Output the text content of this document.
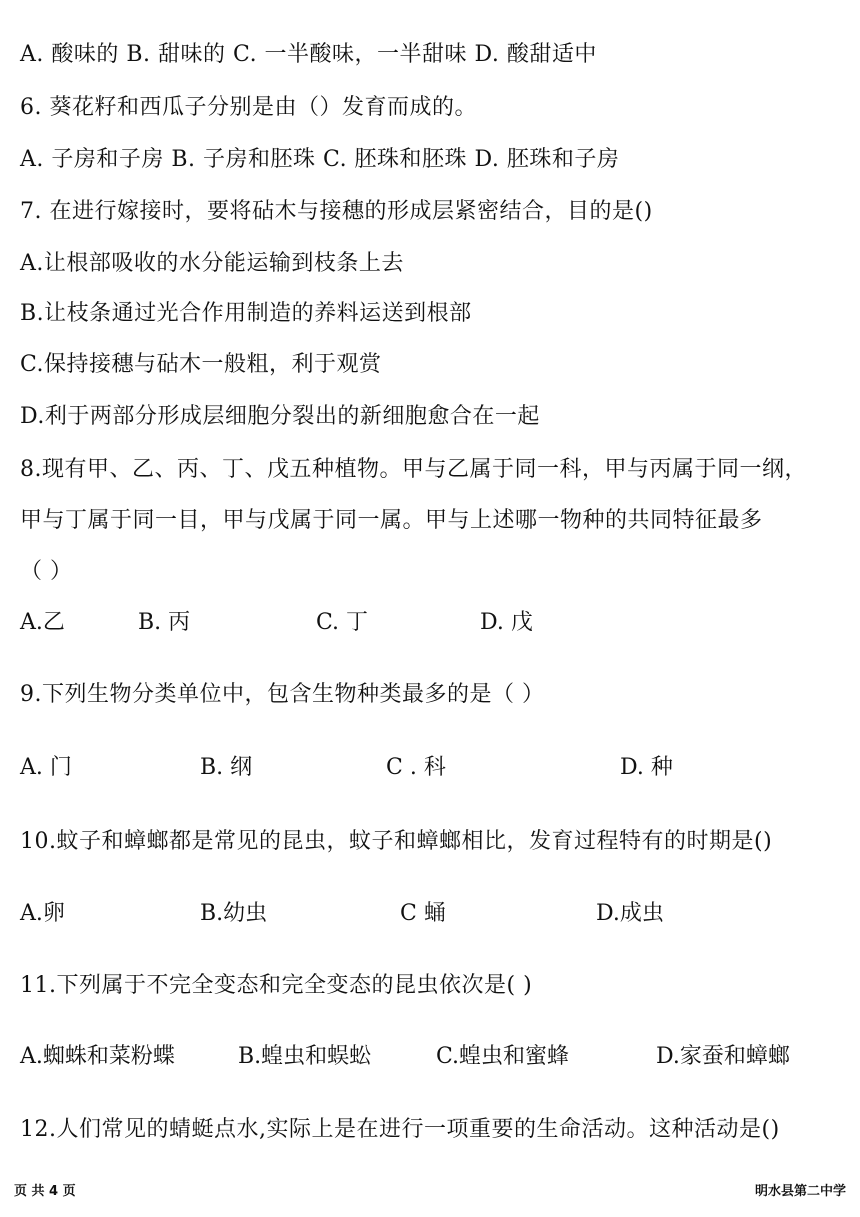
A. 酸味的 B. 甜味的 C. 一半酸味，一半甜味 D. 酸甜适中
6. 葵花籽和西瓜子分别是由（）发育而成的。
A. 子房和子房 B. 子房和胚珠 C. 胚珠和胚珠 D. 胚珠和子房
7. 在进行嫁接时，要将砧木与接穗的形成层紧密结合，目的是()
A.让根部吸收的水分能运输到枝条上去
B.让枝条通过光合作用制造的养料运送到根部
C.保持接穗与砧木一般粗，利于观赏
D.利于两部分形成层细胞分裂出的新细胞愈合在一起
8.现有甲、乙、丙、丁、戊五种植物。甲与乙属于同一科，甲与丙属于同一纲，
甲与丁属于同一目，甲与戊属于同一属。甲与上述哪一物种的共同特征最多
（ ）
A.乙	B. 丙	C. 丁	D. 戊
9.下列生物分类单位中，包含生物种类最多的是（ ）
A. 门	B. 纲	C . 科	D. 种
10.蚊子和蟑螂都是常见的昆虫，蚊子和蟑螂相比，发育过程特有的时期是()
A.卵	B.幼虫	C 蛹	D.成虫
11.下列属于不完全变态和完全变态的昆虫依次是( )
A.蜘蛛和菜粉蝶	B.蝗虫和蜈蚣	C.蝗虫和蜜蜂	D.家蚕和蟑螂
12.人们常见的蜻蜓点水,实际上是在进行一项重要的生命活动。这种活动是()
页 共 4 页	明水县第二中学
